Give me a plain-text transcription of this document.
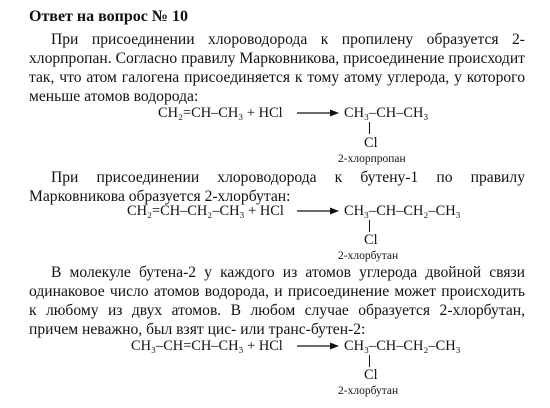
Ответ на вопрос № 10
При присоединении хлороводорода к пропилену образуется 2-хлорпропан. Согласно правилу Марковникова, присоединение происходит так, что атом галогена присоединяется к тому атому углерода, у которого меньше атомов водорода:
CH₂=CH–CH₃ + HCl	CH₃–CH–CH₃
Cl
2-хлорпропан
При присоединении хлороводорода к бутену-1 по правилу Марковникова образуется 2-хлорбутан:
CH₂=CH–CH₂–CH₃ + HCl	CH₃–CH–CH₂–CH₃
Cl
2-хлорбутан
В молекуле бутена-2 у каждого из атомов углерода двойной связи одинаковое число атомов водорода, и присоединение может происходить к любому из двух атомов. В любом случае образуется 2-хлорбутан, причем неважно, был взят цис- или транс-бутен-2:
CH₃–CH=CH–CH₃ + HCl	CH₃–CH–CH₂–CH₃
Cl
2-хлорбутан
